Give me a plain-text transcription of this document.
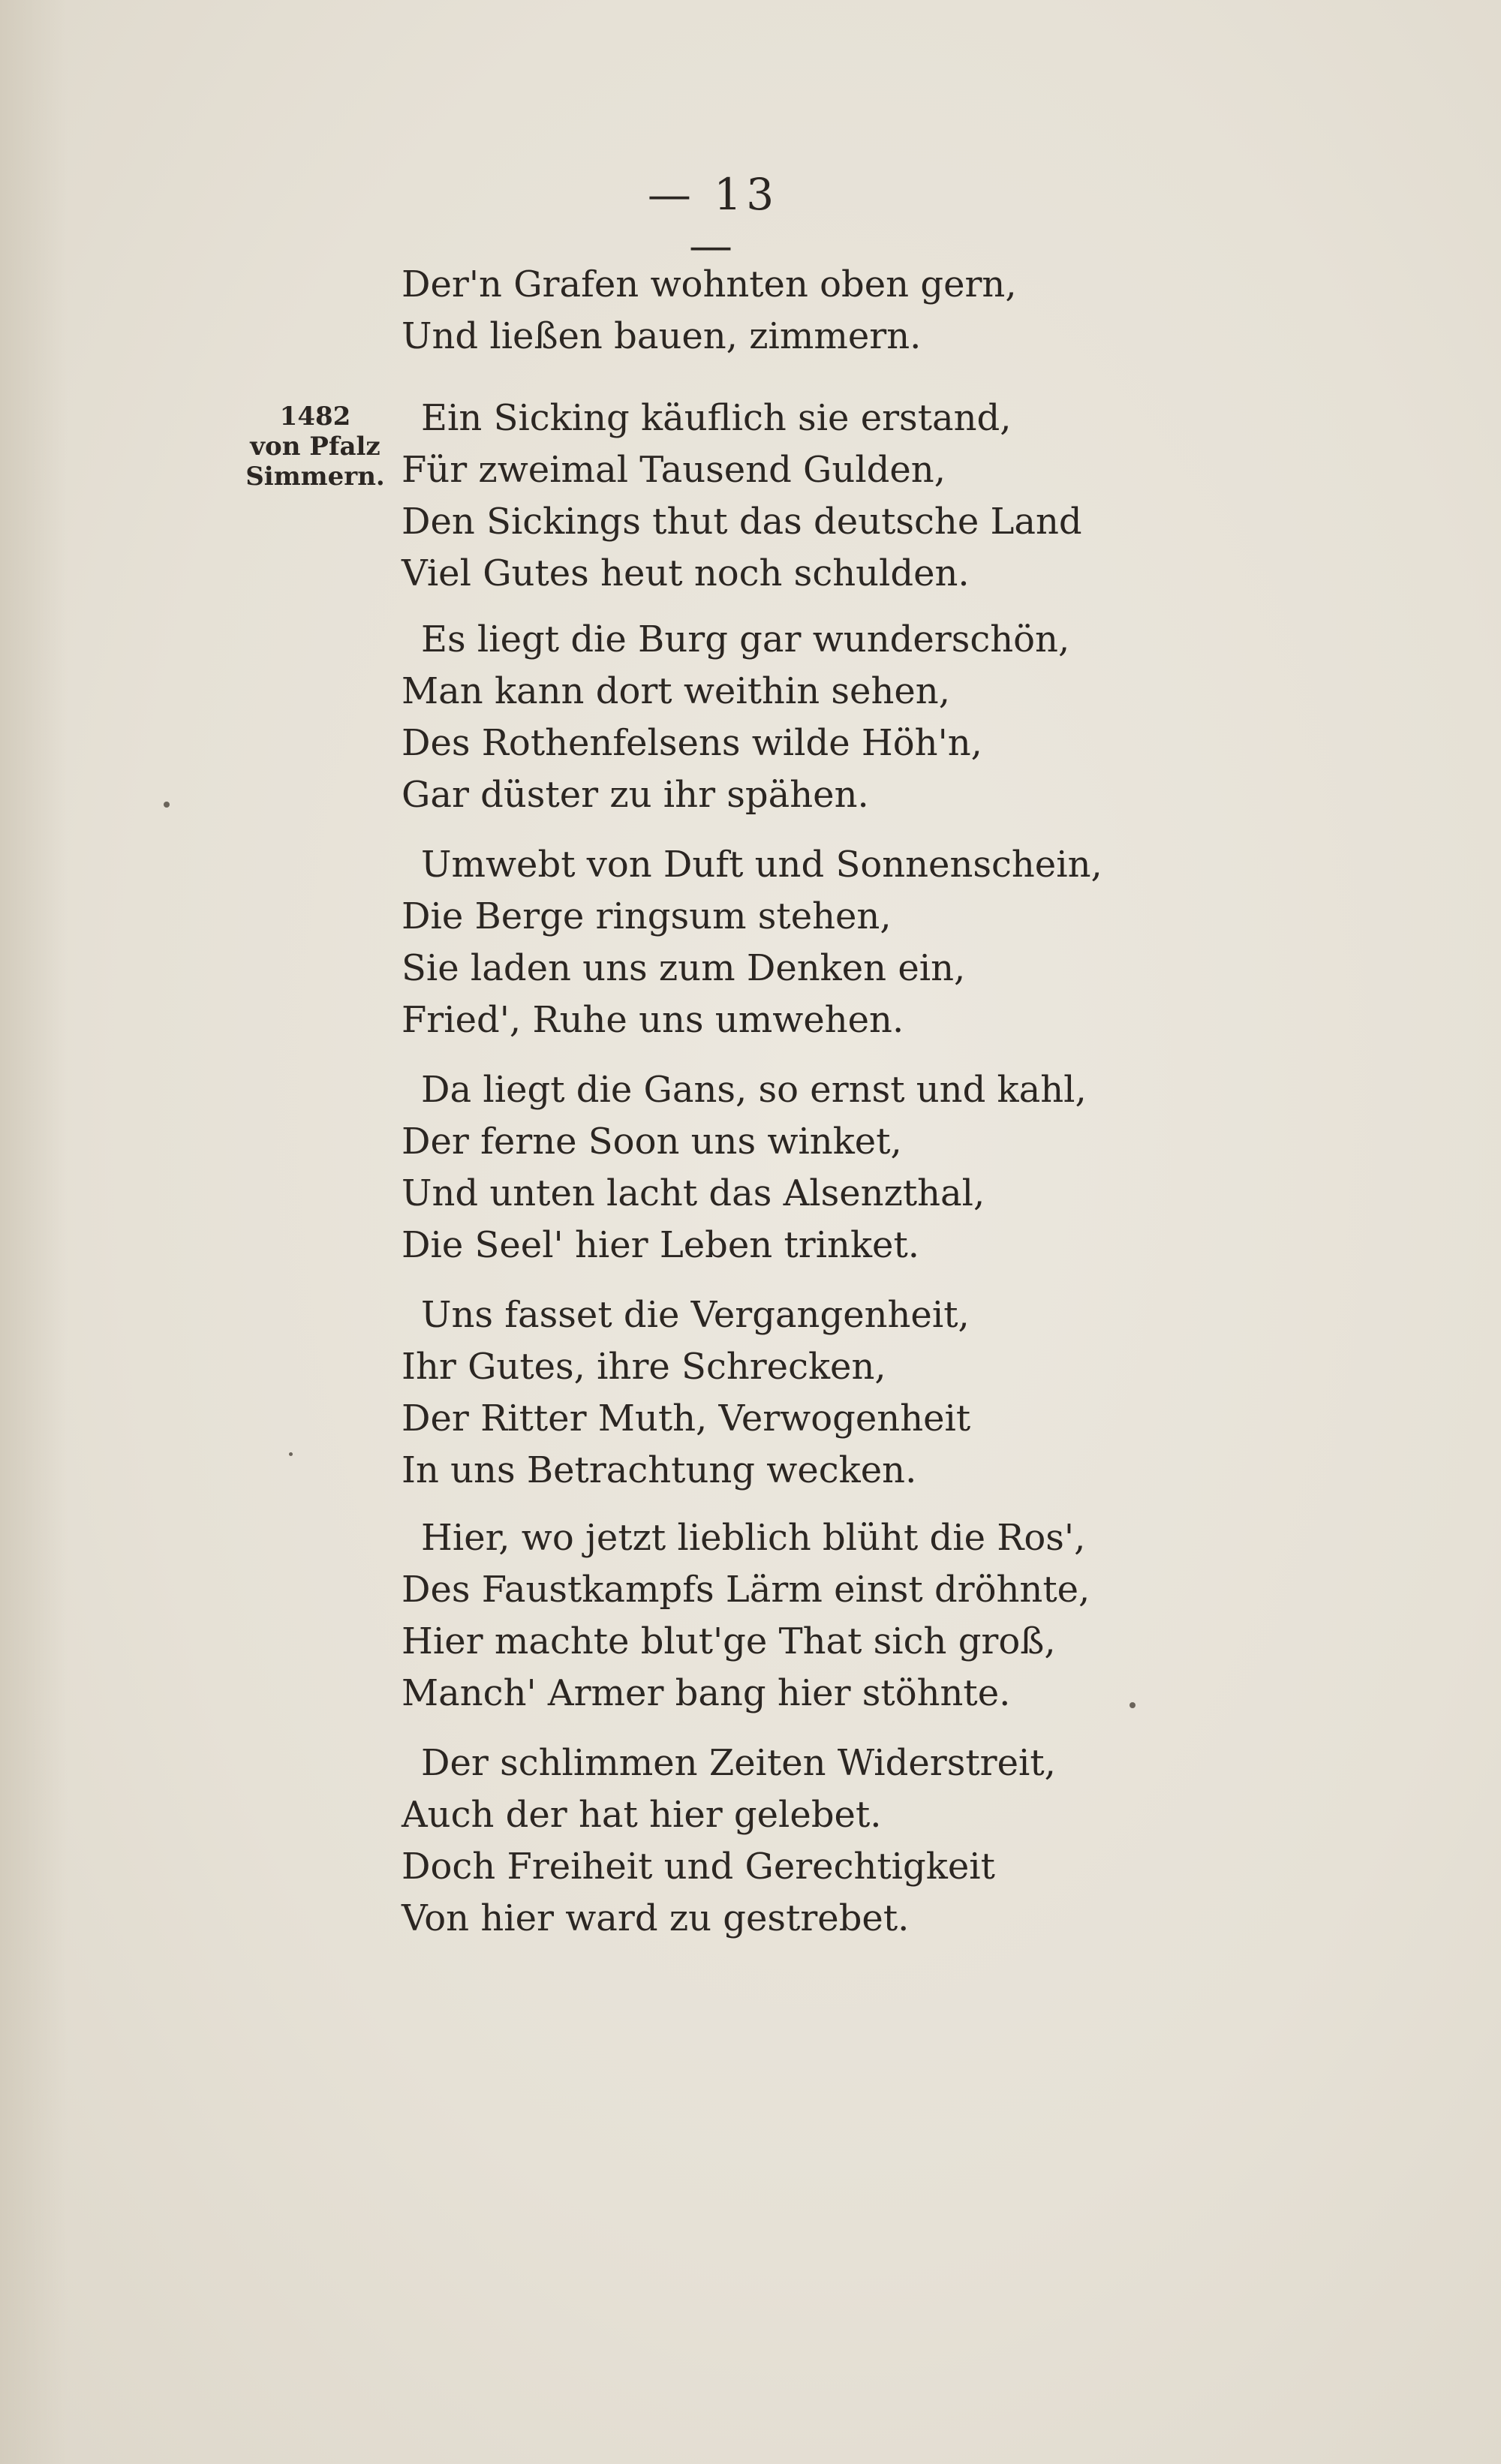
— 13 —
1482
von Pfalz
Simmern.
Der'n Grafen wohnten oben gern,
Und ließen bauen, zimmern.
Ein Sicking käuflich sie erstand,
Für zweimal Tausend Gulden,
Den Sickings thut das deutsche Land
Viel Gutes heut noch schulden.
Es liegt die Burg gar wunderschön,
Man kann dort weithin sehen,
Des Rothenfelsens wilde Höh'n,
Gar düster zu ihr spähen.
Umwebt von Duft und Sonnenschein,
Die Berge ringsum stehen,
Sie laden uns zum Denken ein,
Fried', Ruhe uns umwehen.
Da liegt die Gans, so ernst und kahl,
Der ferne Soon uns winket,
Und unten lacht das Alsenzthal,
Die Seel' hier Leben trinket.
Uns fasset die Vergangenheit,
Ihr Gutes, ihre Schrecken,
Der Ritter Muth, Verwogenheit
In uns Betrachtung wecken.
Hier, wo jetzt lieblich blüht die Ros',
Des Faustkampfs Lärm einst dröhnte,
Hier machte blut'ge That sich groß,
Manch' Armer bang hier stöhnte.
Der schlimmen Zeiten Widerstreit,
Auch der hat hier gelebet.
Doch Freiheit und Gerechtigkeit
Von hier ward zu gestrebet.
